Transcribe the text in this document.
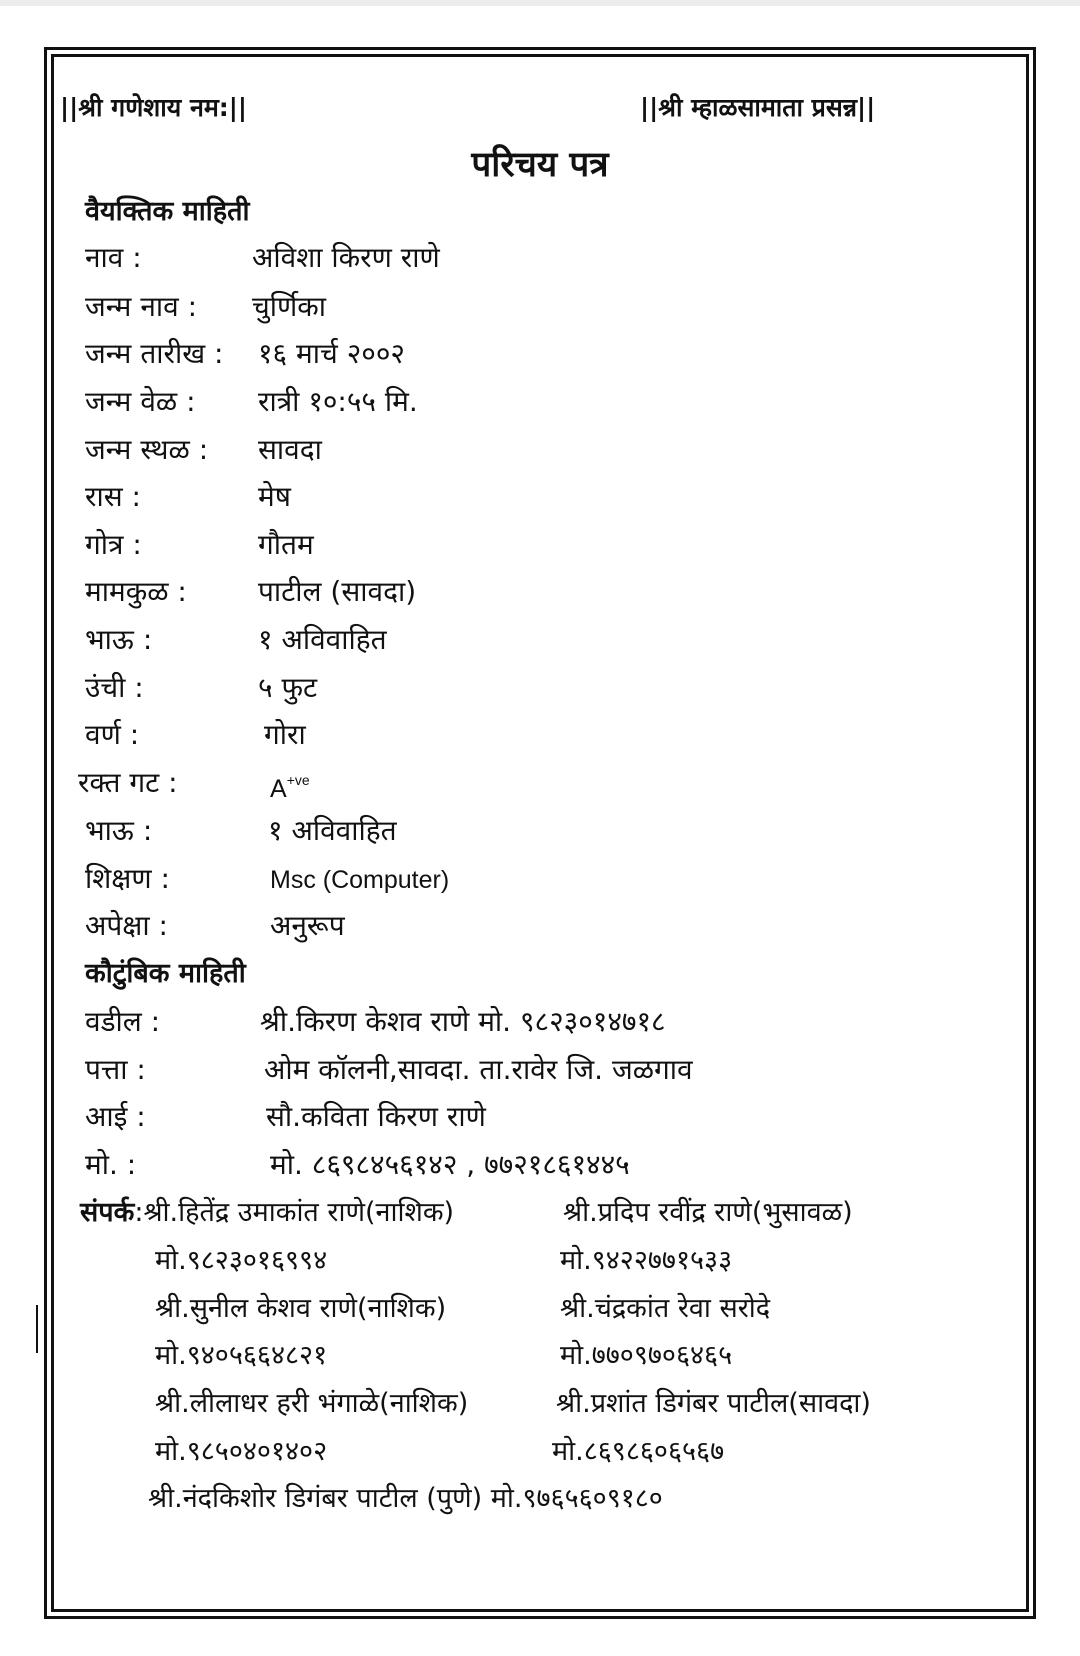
||श्री गणेशाय नम:||	||श्री म्हाळसामाता प्रसन्न||
परिचय पत्र
वैयक्तिक माहिती
नाव :	अविशा किरण राणे
जन्म नाव : चुर्णिका
जन्म तारीख : १६ मार्च २००२
जन्म वेळ : रात्री १०:५५ मि.
जन्म स्थळ : सावदा
रास :	मेष
गोत्र :	गौतम
मामकुळ :	पाटील (सावदा)
भाऊ :	१ अविवाहित
उंची :	५ फुट
वर्ण :	गोरा
रक्त गट :	$A^{+ve}$
भाऊ :	१ अविवाहित
शिक्षण :	Msc (Computer)
अपेक्षा :	अनुरूप
कौटुंबिक माहिती
वडील :	श्री.किरण केशव राणे मो. ९८२३०१४७१८
पत्ता :	ओम कॉलनी,सावदा. ता.रावेर जि. जळगाव
आई :	सौ.कविता किरण राणे
मो. :	मो. ८६९८४५६१४२ , ७७२१८६१४४५
संपर्क:श्री.हितेंद्र उमाकांत राणे(नाशिक)	श्री.प्रदिप रवींद्र राणे(भुसावळ)
मो.९८२३०१६९९४	मो.९४२२७७१५३३
श्री.सुनील केशव राणे(नाशिक)	श्री.चंद्रकांत रेवा सरोदे
मो.९४०५६६४८२१	मो.७७०९७०६४६५
श्री.लीलाधर हरी भंगाळे(नाशिक)	श्री.प्रशांत डिगंबर पाटील(सावदा)
मो.९८५०४०१४०२	मो.८६९८६०६५६७
श्री.नंदकिशोर डिगंबर पाटील (पुणे) मो.९७६५६०९१८०
